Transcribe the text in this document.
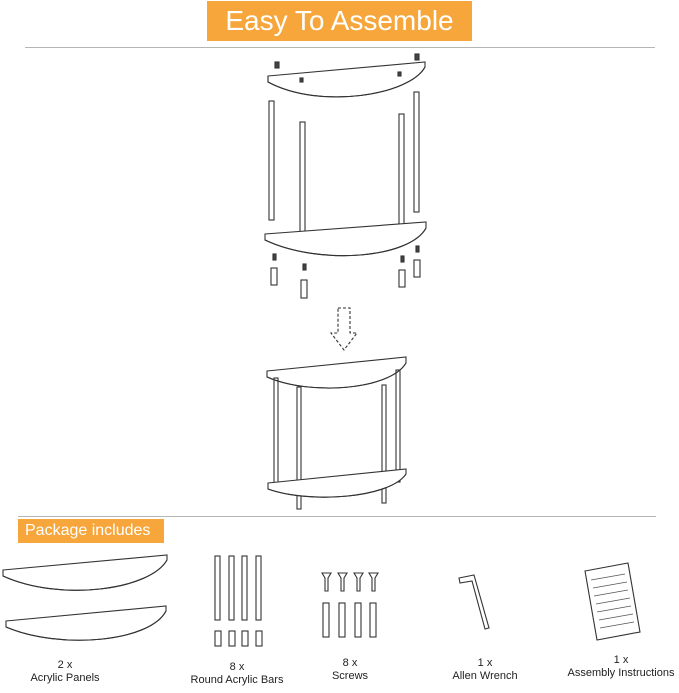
Easy To Assemble
Package includes
2 x
Acrylic Panels
8 x
Round Acrylic Bars
8 x
Screws
1 x
Allen Wrench
1 x
Assembly Instructions
